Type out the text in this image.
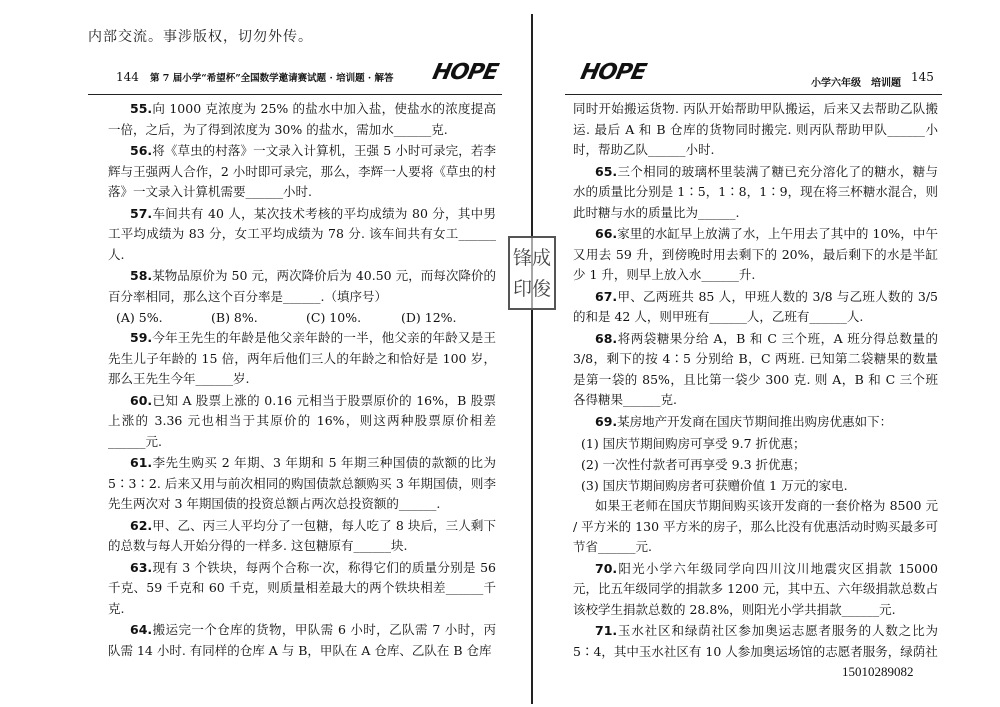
内部交流。事涉版权，切勿外传。
144 第 7 届小学“希望杯”全国数学邀请赛试题 · 培训题 · 解答 HOPE

55.向 1000 克浓度为 25% 的盐水中加入盐，使盐水的浓度提高一倍，之后，为了得到浓度为 30% 的盐水，需加水______克.

56.将《草虫的村落》一文录入计算机，王强 5 小时可录完，若李辉与王强两人合作，2 小时即可录完，那么，李辉一人要将《草虫的村落》一文录入计算机需要______小时.

57.车间共有 40 人，某次技术考核的平均成绩为 80 分，其中男工平均成绩为 83 分，女工平均成绩为 78 分. 该车间共有女工______人.

58.某物品原价为 50 元，两次降价后为 40.50 元，而每次降价的百分率相同，那么这个百分率是______.（填序号）

(A) 5%.	(B) 8%.	(C) 10%.	(D) 12%.

59.今年王先生的年龄是他父亲年龄的一半，他父亲的年龄又是王先生儿子年龄的 15 倍，两年后他们三人的年龄之和恰好是 100 岁，那么王先生今年______岁.

60.已知 A 股票上涨的 0.16 元相当于股票原价的 16%，B 股票上涨的 3.36 元也相当于其原价的 16%，则这两种股票原价相差______元.

61.李先生购买 2 年期、3 年期和 5 年期三种国债的款额的比为 5∶3∶2. 后来又用与前次相同的购国债款总额购买 3 年期国债，则李先生两次对 3 年期国债的投资总额占两次总投资额的______.

62.甲、乙、丙三人平均分了一包糖，每人吃了 8 块后，三人剩下的总数与每人开始分得的一样多. 这包糖原有______块.

63.现有 3 个铁块，每两个合称一次，称得它们的质量分别是 56 千克、59 千克和 60 千克，则质量相差最大的两个铁块相差______千克.

64.搬运完一个仓库的货物，甲队需 6 小时，乙队需 7 小时，丙队需 14 小时. 有同样的仓库 A 与 B，甲队在 A 仓库、乙队在 B 仓库

HOPE	小学六年级　培训题 145

同时开始搬运货物. 丙队开始帮助甲队搬运，后来又去帮助乙队搬运. 最后 A 和 B 仓库的货物同时搬完. 则丙队帮助甲队______小时，帮助乙队______小时.

65.三个相同的玻璃杯里装满了糖已充分溶化了的糖水，糖与水的质量比分别是 1∶5，1∶8，1∶9，现在将三杯糖水混合，则此时糖与水的质量比为______.

66.家里的水缸早上放满了水，上午用去了其中的 10%，中午又用去 59 升，到傍晚时用去剩下的 20%，最后剩下的水是半缸少 1 升，则早上放入水______升.

67.甲、乙两班共 85 人，甲班人数的 3/8 与乙班人数的 3/5 的和是 42 人，则甲班有______人，乙班有______人.

68.将两袋糖果分给 A，B 和 C 三个班，A 班分得总数量的 3/8，剩下的按 4∶5 分别给 B，C 两班. 已知第二袋糖果的数量是第一袋的 85%，且比第一袋少 300 克. 则 A，B 和 C 三个班各得糖果______克.

69.某房地产开发商在国庆节期间推出购房优惠如下：

(1) 国庆节期间购房可享受 9.7 折优惠；
(2) 一次性付款者可再享受 9.3 折优惠；
(3) 国庆节期间购房者可获赠价值 1 万元的家电.

如果王老师在国庆节期间购买该开发商的一套价格为 8500 元 / 平方米的 130 平方米的房子，那么比没有优惠活动时购买最多可节省______元.

70.阳光小学六年级同学向四川汶川地震灾区捐款 15000 元，比五年级同学的捐款多 1200 元，其中五、六年级捐款总数占该校学生捐款总数的 28.8%，则阳光小学共捐款______元.

71.玉水社区和绿荫社区参加奥运志愿者服务的人数之比为 5∶4，其中玉水社区有 10 人参加奥运场馆的志愿者服务，绿荫社

锋 成
印 俊
15010289082
